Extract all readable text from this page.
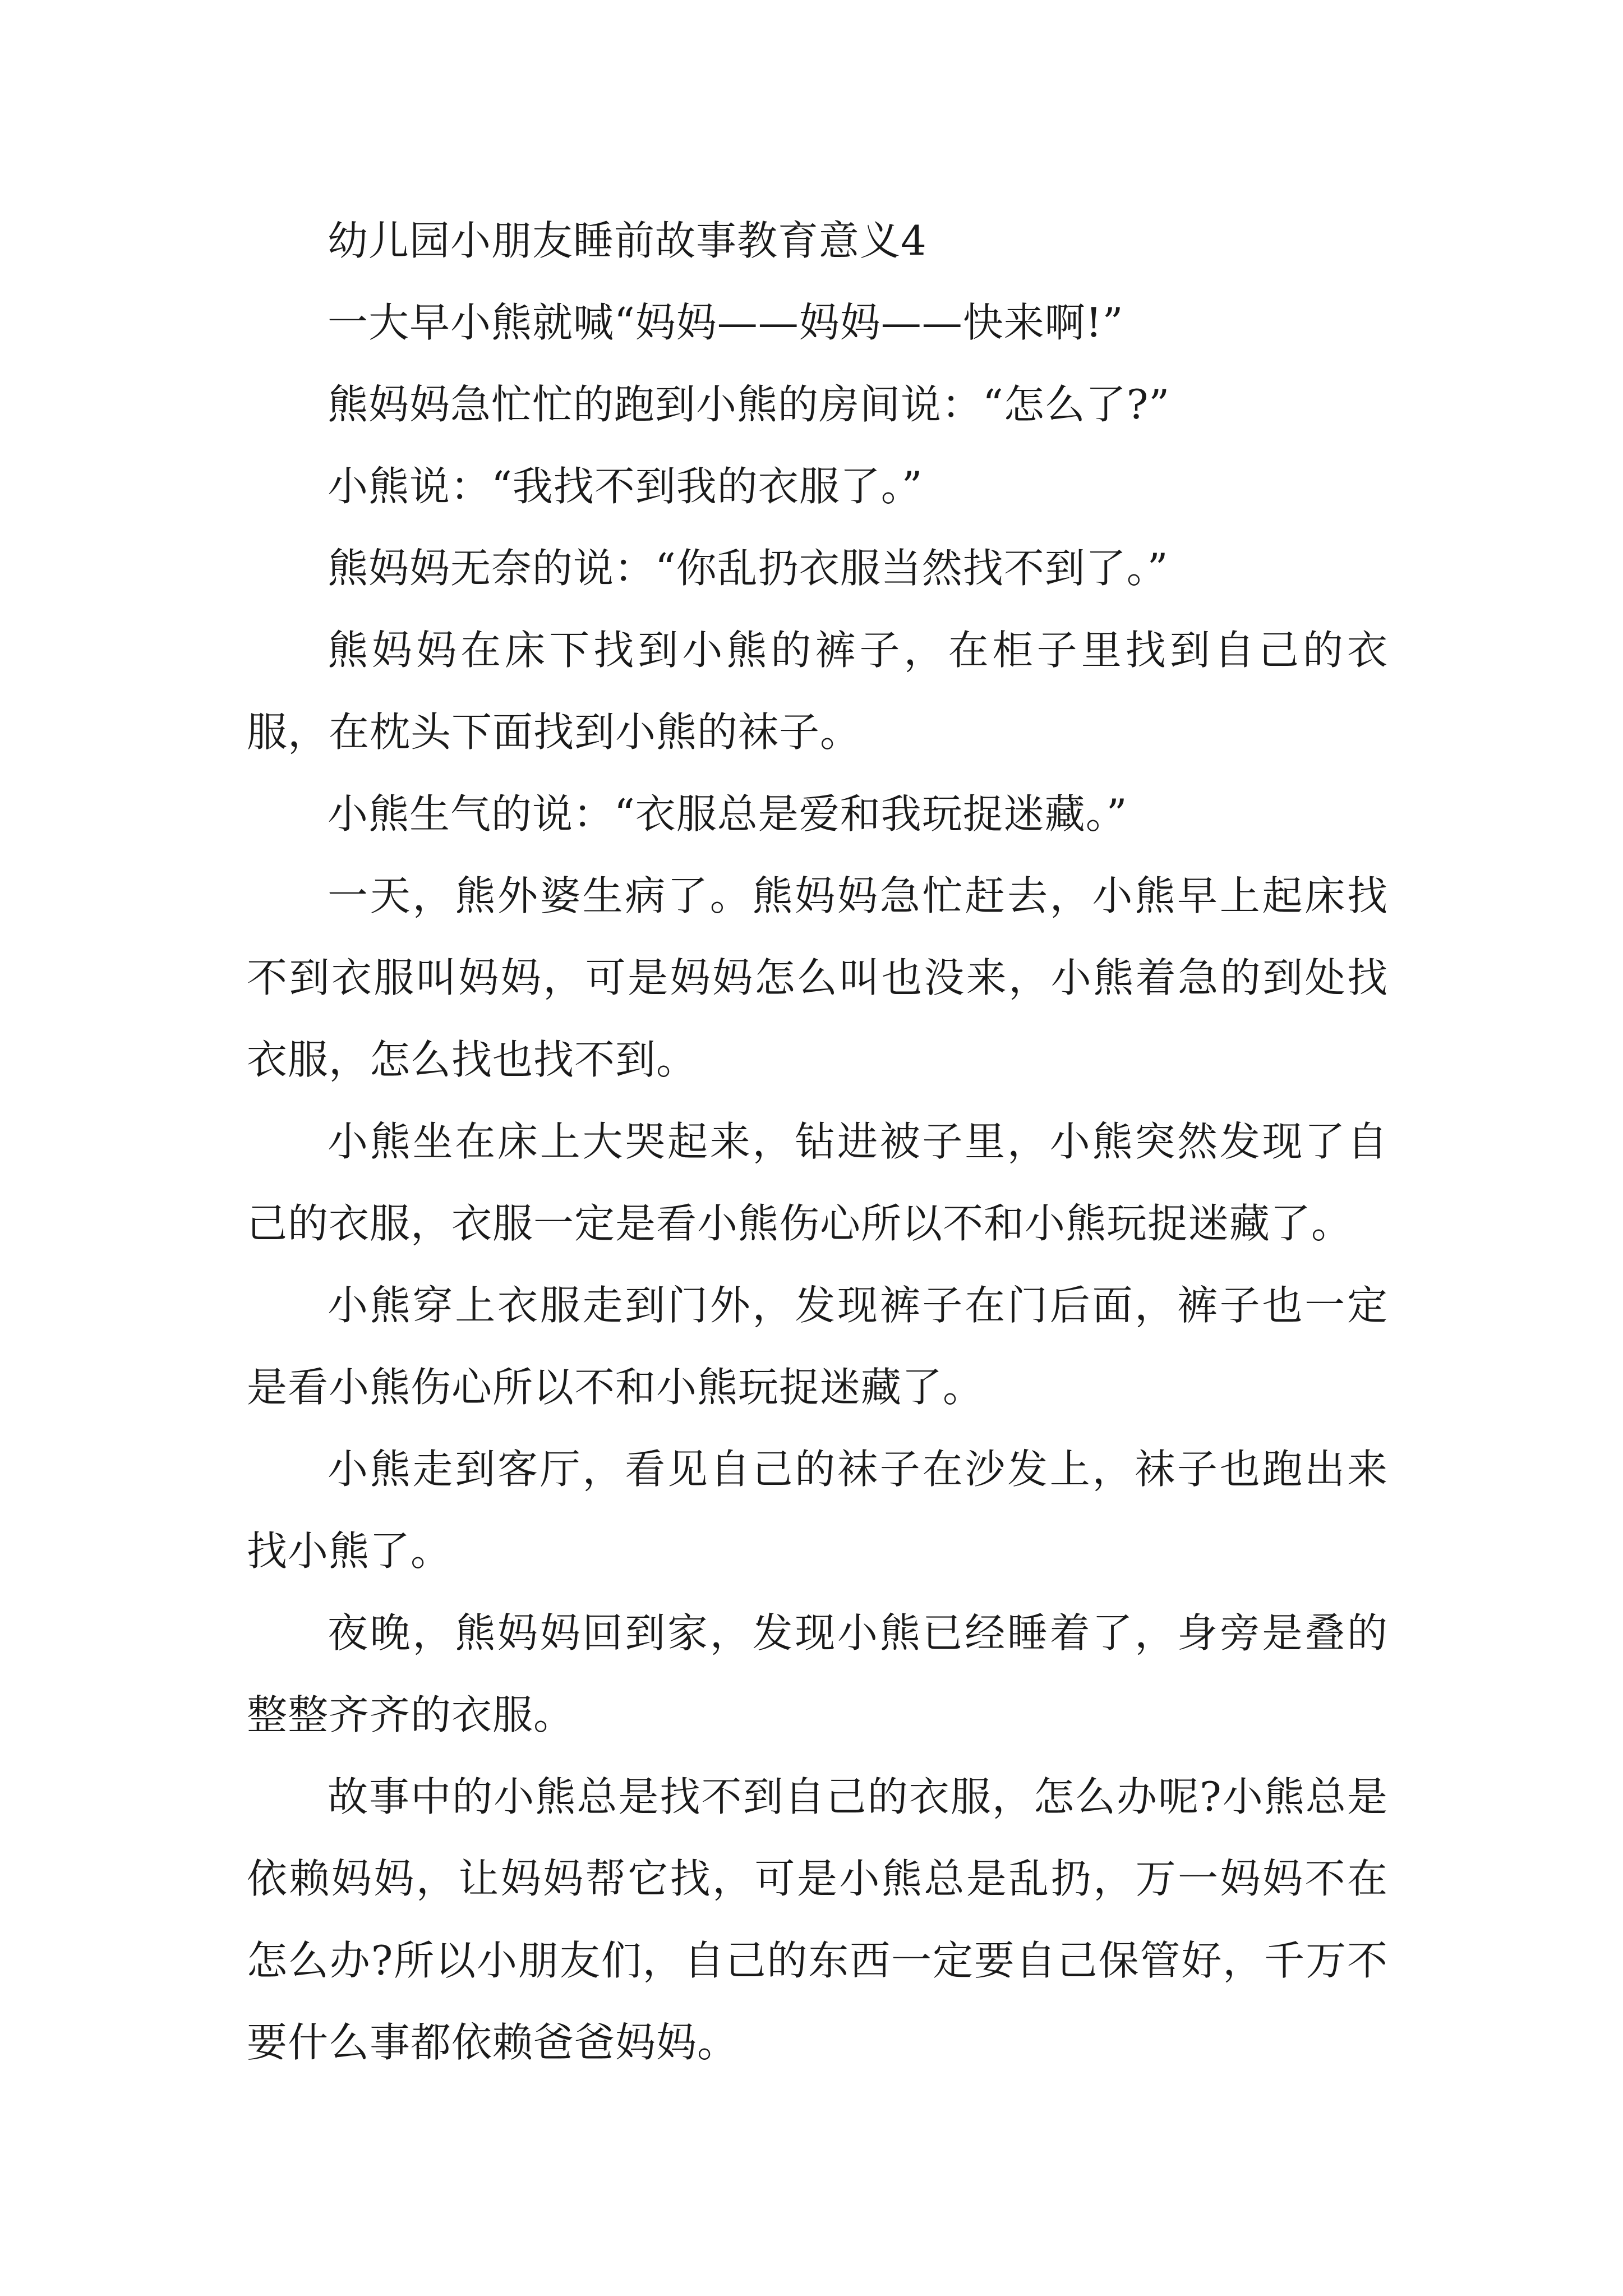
幼儿园小朋友睡前故事教育意义4

一大早小熊就喊“妈妈——妈妈——快来啊!”

熊妈妈急忙忙的跑到小熊的房间说：“怎么了?”

小熊说：“我找不到我的衣服了。”

熊妈妈无奈的说：“你乱扔衣服当然找不到了。”

熊妈妈在床下找到小熊的裤子，在柜子里找到自己的衣服，在枕头下面找到小熊的袜子。

小熊生气的说：“衣服总是爱和我玩捉迷藏。”

一天，熊外婆生病了。熊妈妈急忙赶去，小熊早上起床找不到衣服叫妈妈，可是妈妈怎么叫也没来，小熊着急的到处找衣服，怎么找也找不到。

小熊坐在床上大哭起来，钻进被子里，小熊突然发现了自己的衣服，衣服一定是看小熊伤心所以不和小熊玩捉迷藏了。

小熊穿上衣服走到门外，发现裤子在门后面，裤子也一定是看小熊伤心所以不和小熊玩捉迷藏了。

小熊走到客厅，看见自己的袜子在沙发上，袜子也跑出来找小熊了。

夜晚，熊妈妈回到家，发现小熊已经睡着了，身旁是叠的整整齐齐的衣服。

故事中的小熊总是找不到自己的衣服，怎么办呢?小熊总是依赖妈妈，让妈妈帮它找，可是小熊总是乱扔，万一妈妈不在怎么办?所以小朋友们，自己的东西一定要自己保管好，千万不要什么事都依赖爸爸妈妈。
